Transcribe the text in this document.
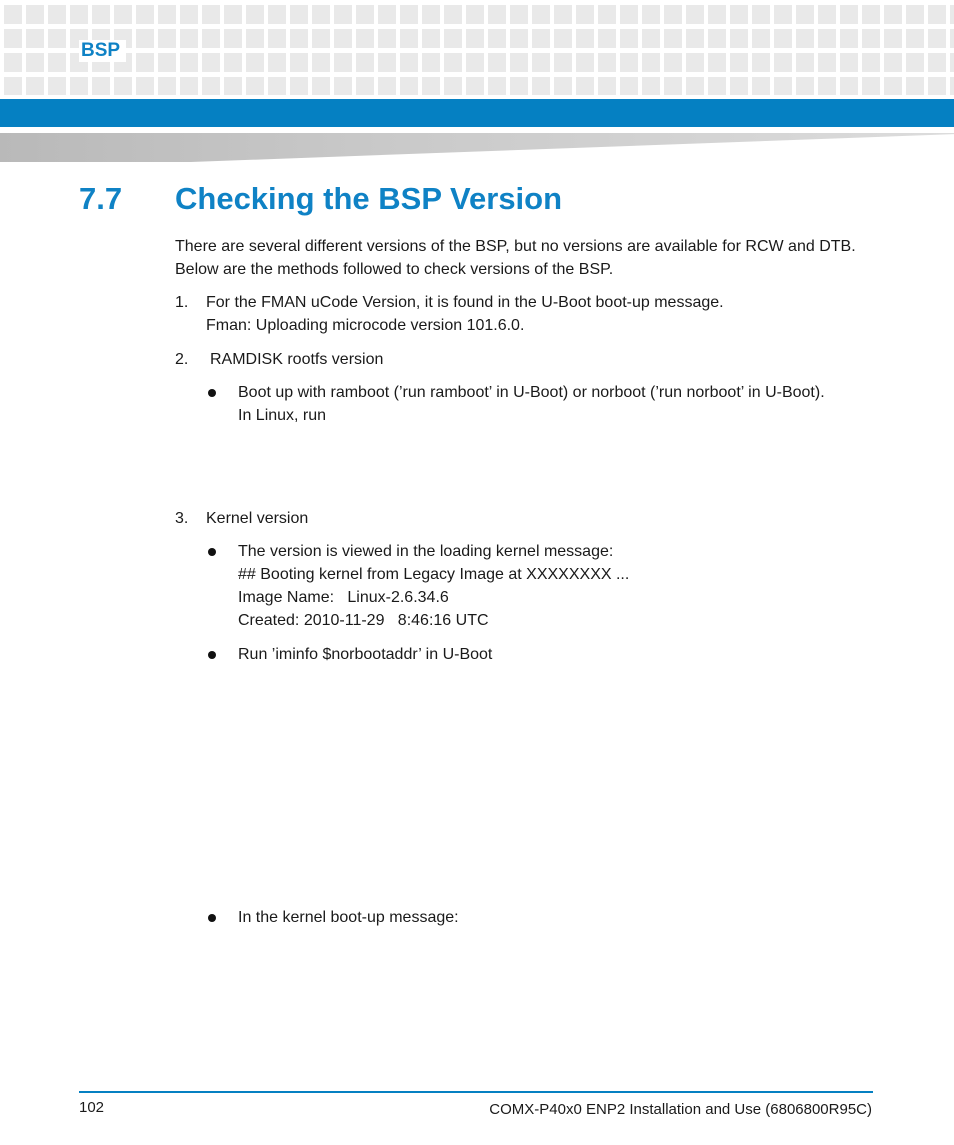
BSP
7.7 Checking the BSP Version
There are several different versions of the BSP, but no versions are available for RCW and DTB.
Below are the methods followed to check versions of the BSP.
1. For the FMAN uCode Version, it is found in the U-Boot boot-up message.
Fman: Uploading microcode version 101.6.0.
2. RAMDISK rootfs version
Boot up with ramboot (’run ramboot’ in U-Boot) or norboot (’run norboot’ in U-Boot).
In Linux, run
3. Kernel version
The version is viewed in the loading kernel message:
## Booting kernel from Legacy Image at XXXXXXXX ...
Image Name:   Linux-2.6.34.6
Created: 2010-11-29   8:46:16 UTC
Run ’iminfo $norbootaddr’ in U-Boot
In the kernel boot-up message:
102	COMX-P40x0 ENP2 Installation and Use (6806800R95C)
